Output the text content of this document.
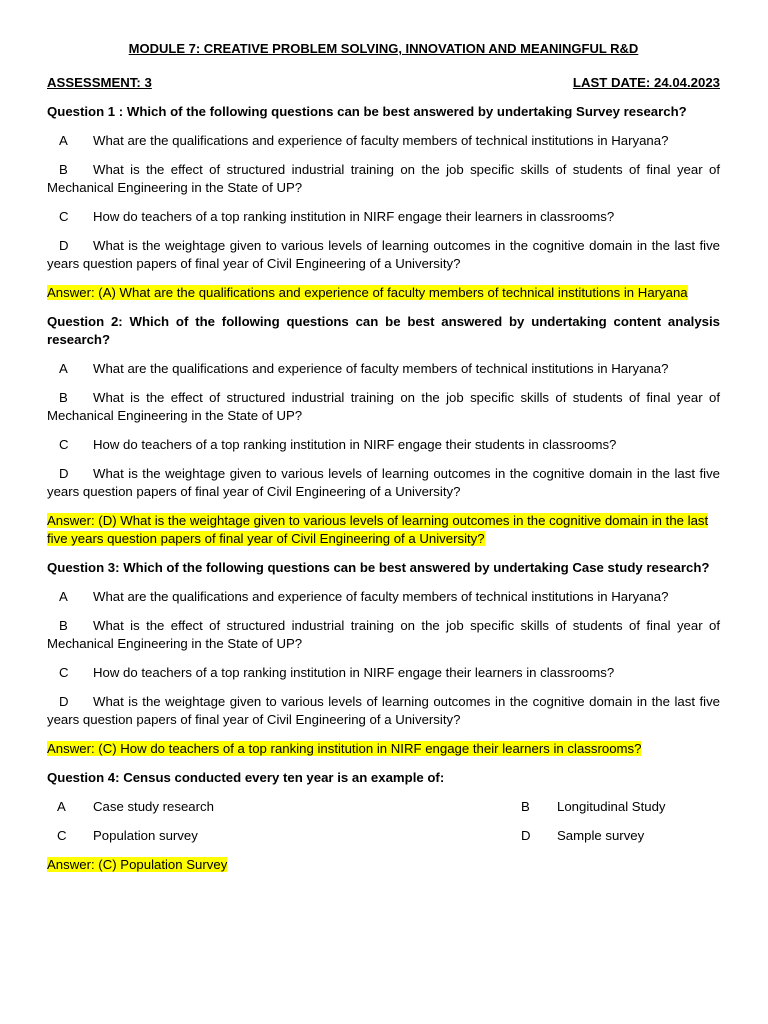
MODULE 7: CREATIVE PROBLEM SOLVING, INNOVATION AND MEANINGFUL R&D
ASSESSMENT: 3	LAST DATE: 24.04.2023

Question 1 : Which of the following questions can be best answered by undertaking Survey research?

A What are the qualifications and experience of faculty members of technical institutions in Haryana?

B What is the effect of structured industrial training on the job specific skills of students of final year of Mechanical Engineering in the State of UP?

C How do teachers of a top ranking institution in NIRF engage their learners in classrooms?

D What is the weightage given to various levels of learning outcomes in the cognitive domain in the last five years question papers of final year of Civil Engineering of a University?

Answer: (A) What are the qualifications and experience of faculty members of technical institutions in Haryana

Question 2: Which of the following questions can be best answered by undertaking content analysis research?

A What are the qualifications and experience of faculty members of technical institutions in Haryana?

B What is the effect of structured industrial training on the job specific skills of students of final year of Mechanical Engineering in the State of UP?

C How do teachers of a top ranking institution in NIRF engage their students in classrooms?

D What is the weightage given to various levels of learning outcomes in the cognitive domain in the last five years question papers of final year of Civil Engineering of a University?

Answer: (D) What is the weightage given to various levels of learning outcomes in the cognitive domain in the last five years question papers of final year of Civil Engineering of a University?

Question 3: Which of the following questions can be best answered by undertaking Case study research?

A What are the qualifications and experience of faculty members of technical institutions in Haryana?

B What is the effect of structured industrial training on the job specific skills of students of final year of Mechanical Engineering in the State of UP?

C How do teachers of a top ranking institution in NIRF engage their learners in classrooms?

D What is the weightage given to various levels of learning outcomes in the cognitive domain in the last five years question papers of final year of Civil Engineering of a University?

Answer: (C) How do teachers of a top ranking institution in NIRF engage their learners in classrooms?

Question 4: Census conducted every ten year is an example of:

A Case study research	B Longitudinal Study
C Population survey	D Sample survey

Answer: (C) Population Survey
